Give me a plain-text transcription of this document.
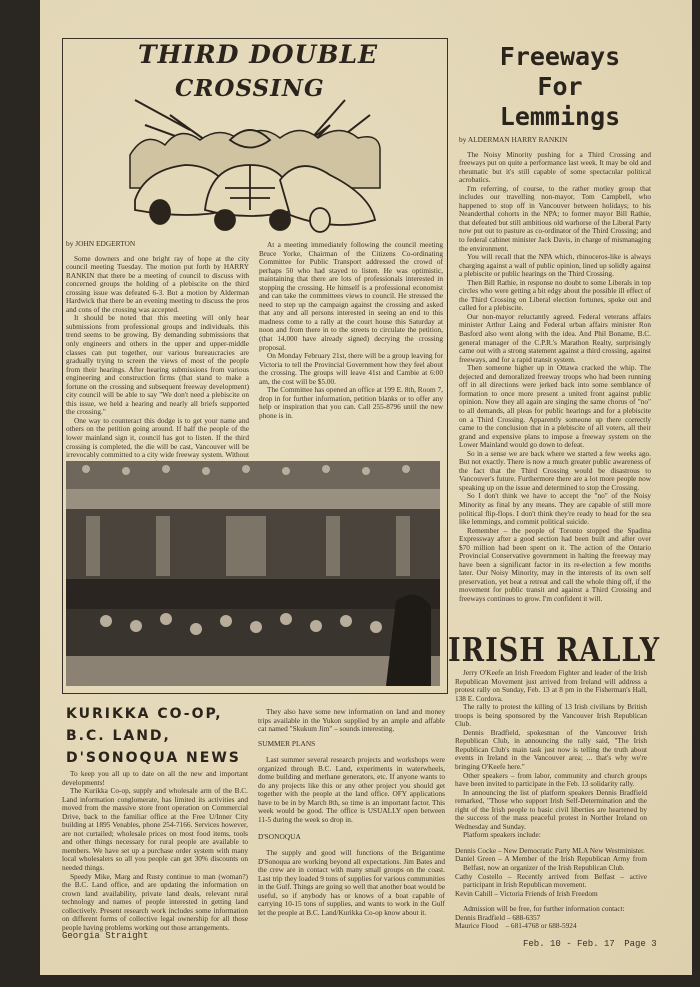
THIRD DOUBLE
CROSSING

by JOHN EDGERTON

Some downers and one bright ray of hope at the city council meeting Tuesday. The motion put forth by HARRY RANKIN that there be a meeting of council to discuss with concerned groups the holding of a plebiscite on the third crossing issue was defeated 6-3. But a motion by Alderman Hardwick that there be an evening meeting to discuss the pros and cons of the crossing was accepted.

It should be noted that this meeting will only hear submissions from professional groups and individuals. this trend seems to be growing. By demanding submissions that only engineers and others in the upper and upper-middle classes can put together, our various bureaucracies are gradually trying to screen the views of most of the people from their hearings. After hearing submissions from various engineering and construction firms (that stand to make a fortune on the crossing and subsequent freeway development) city council will be able to say "We don't need a plebiscite on this issue, we held a hearing and nearly all briefs supported the crossing."

One way to counteract this dodge is to get your name and others on the petition going around. If half the people of the lower mainland sign it, council has got to listen. If the third crossing is completed, the die will be cast, Vancouver will be irrevocably committed to a city wide freeway system. Without

At a meeting immediately following the council meeting Bruce Yorke, Chairman of the Citizens Co-ordinating Committee for Public Transport addressed the crowd of perhaps 50 who had stayed to listen. He was optimistic, maintaining that there are lots of professionals interested in stopping the crossing. He himself is a professional economist and can take the committees views to council. He stressed the need to step up the campaign against the crossing and asked that any and all persons interested in seeing an end to this madness come to a rally at the court house this Saturday at noon and from there in to the streets to circulate the petition, (that 14,000 have already signed) decrying the crossing proposal.

On Monday February 21st, there will be a group leaving for Victoria to tell the Provincial Government how they feel about the crossing. The groups will leave 41st and Cambie at 6:00 am, the cost will be $5.00.

The Committee has opened an office at 199 E. 8th, Room 7, drop in for further information, petition blanks or to offer any help or inspiration that you can. Call 255-8796 until the new phone is in.

Freeways
For
Lemmings

by ALDERMAN HARRY RANKIN

The Noisy Minority pushing for a Third Crossing and freeways put on quite a performance last week. It may be old and rheumatic but it's still capable of some spectacular political acrobatics.

I'm referring, of course, to the rather motley group that includes our travelling non-mayor, Tom Campbell, who happened to stop off in Vancouver between holidays; to his Neanderthal cohorts in the NPA; to former mayor Bill Rathie, that defeated but still ambitious old warhorse of the Liberal Party now put out to pasture as co-ordinator of the Third Crossing; and to federal cabinet minister Jack Davis, in charge of mismanaging the environment.

You will recall that the NPA which, rhinoceros-like is always charging against a wall of public opinion, lined up solidly against a plebiscite or public hearings on the Third Crossing.

Then Bill Rathie, in response no doubt to some Liberals in top circles who were getting a bit edgy about the possible ill effect of the Third Crossing on Liberal election fortunes, spoke out and called for a plebiscite.

Our non-mayor reluctantly agreed. Federal veterans affairs minister Arthur Laing and Federal urban affairs minister Ron Basford also went along with the idea. And Phil Boname, B.C. general manager of the C.P.R.'s Marathon Realty, surprisingly came out with a strong statement against a third crossing, against freeways, and for a rapid transit system.

Then someone higher up in Ottawa cracked the whip. The dejected and demoralized freeway troops who had been running off in all directions were jerked back into some semblance of formation to once more present a united front against public opinion. Now they all again are singing the same chorus of "no" to all demands, all pleas for public hearings and for a plebiscite on a Third Crossing. Apparently someone up there correctly came to the conclusion that in a plebiscite of all voters, all their grand and expensive plans to impose a freeway system on the Lower Mainland would go down to defeat.

So in a sense we are back where we started a few weeks ago. But not exactly. There is now a much greater public awareness of the fact that the Third Crossing would be disastrous to Vancouver's future. Furthermore there are a lot more people now speaking up on the issue and determined to stop the Crossing.

So I don't think we have to accept the "no" of the Noisy Minority as final by any means. They are capable of still more political flip-flops. I don't think they're ready to head for the sea like lemmings, and commit political suicide.

Remember – the people of Toronto stopped the Spadina Expressway after a good section had been built and after over $70 million had been spent on it. The action of the Ontario Provincial Conservative government in halting the freeway may have been a significant factor in its re-election a few months later. Our Noisy Minority, may in the interests of its own self preservation, yet beat a retreat and call the whole thing off, if the movement for public transit and against a Third Crossing and freeways continues to grow. I'm confident it will.

IRISH RALLY

Jerry O'Keefe an Irish Freedom Fighter and leader of the Irish Republican Movement just arrived from Ireland will address a protest rally on Sunday, Feb. 13 at 8 pm in the Fisherman's Hall, 138 E. Cordova.

The rally to protest the killing of 13 Irish civilians by British troops is being sponsored by the Vancouver Irish Republican Club.

Dennis Bradfield, spokesman of the Vancouver Irish Republican Club, in announcing the rally said, "The Irish Republican Club's main task just now is telling the truth about events in Ireland in the Vancouver area; ... that's why we're bringing O'Keefe here."

Other speakers – from labor, community and church groups have been invited to participate in the Feb. 13 solidarity rally.

In announcing the list of platform speakers Dennis Bradfield remarked, "Those who support Irish Self-Determination and the right of the Irish people to basic civil liberties are heartened by the success of the mass peaceful protest in Norther Ireland on Wednesday and Sunday.

Platform speakers include:

Dennis Cocke – New Democratic Party MLA New Westminister.

Daniel Green – A Member of the Irish Republican Army from Belfast, now an organizer of the Irish Republican Club.

Cathy Costello – Recently arrived from Belfast – active participant in Irish Republican movement.

Kevin Cahill – Victoria Friends of Irish Freedom

Admission will be free, for further information contact:

Dennis Bradfield – 688-6357
Maurice Flood    – 681-4768 or 688-5924
KURIKKA CO-OP,
B.C. LAND,
D'SONOQUA NEWS

To keep you all up to date on all the new and important developments!

The Kurikka Co-op, supply and wholesale arm of the B.C. Land information conglomerate, has limited its activities and moved from the massive store front operation on Commercial Drive, back to the familiar office at the Free U/Inner City building at 1895 Venables, phone 254-7166. Services however, are not curtailed; wholesale prices on most food items, tools and other things necessary for rural people are available to members. We have set up a purchase order system with many local wholesalers so all you people can get 30% discounts on needed things.

Speedy Mike, Marg and Rusty continue to man (woman?) the B.C. Land office, and are updating the information on crown land availability, private land deals, relevant rural technology and names of people interested in getting land collectively. Present research work includes some information on different forms of collective legal ownership for all those people having problems working out those arrangements.

Georgia Straight

They also have some new information on land and money trips available in the Yukon supplied by an ample and affable cat named "Skukum Jim" – sounds interesting.

SUMMER PLANS

Last summer several research projects and workshops were organized through B.C. Land, experiments in waterwheels, dome building and methane generators, etc. If anyone wants to do any projects like this or any other project you should get together with the people at the land office. OFY applications have to be in by March 8th, so time is an important factor. This week would be good. The office is USUALLY open between 11-5 during the week so drop in.

D'SONOQUA

The supply and good will functions of the Brigantime D'Sonoqua are working beyond all expectations. Jim Bates and the crew are in contact with many small groups on the coast. Last trip they loaded 9 tons of supplies for various communities in the Gulf. Things are going so well that another boat would be useful, so if anybody has or knows of a boat capable of carrying 10-15 tons of supplies, and wants to work in the Gulf let the people at B.C. Land/Kurikka Co-op know about it.

Feb. 10 - Feb. 17 Page 3
